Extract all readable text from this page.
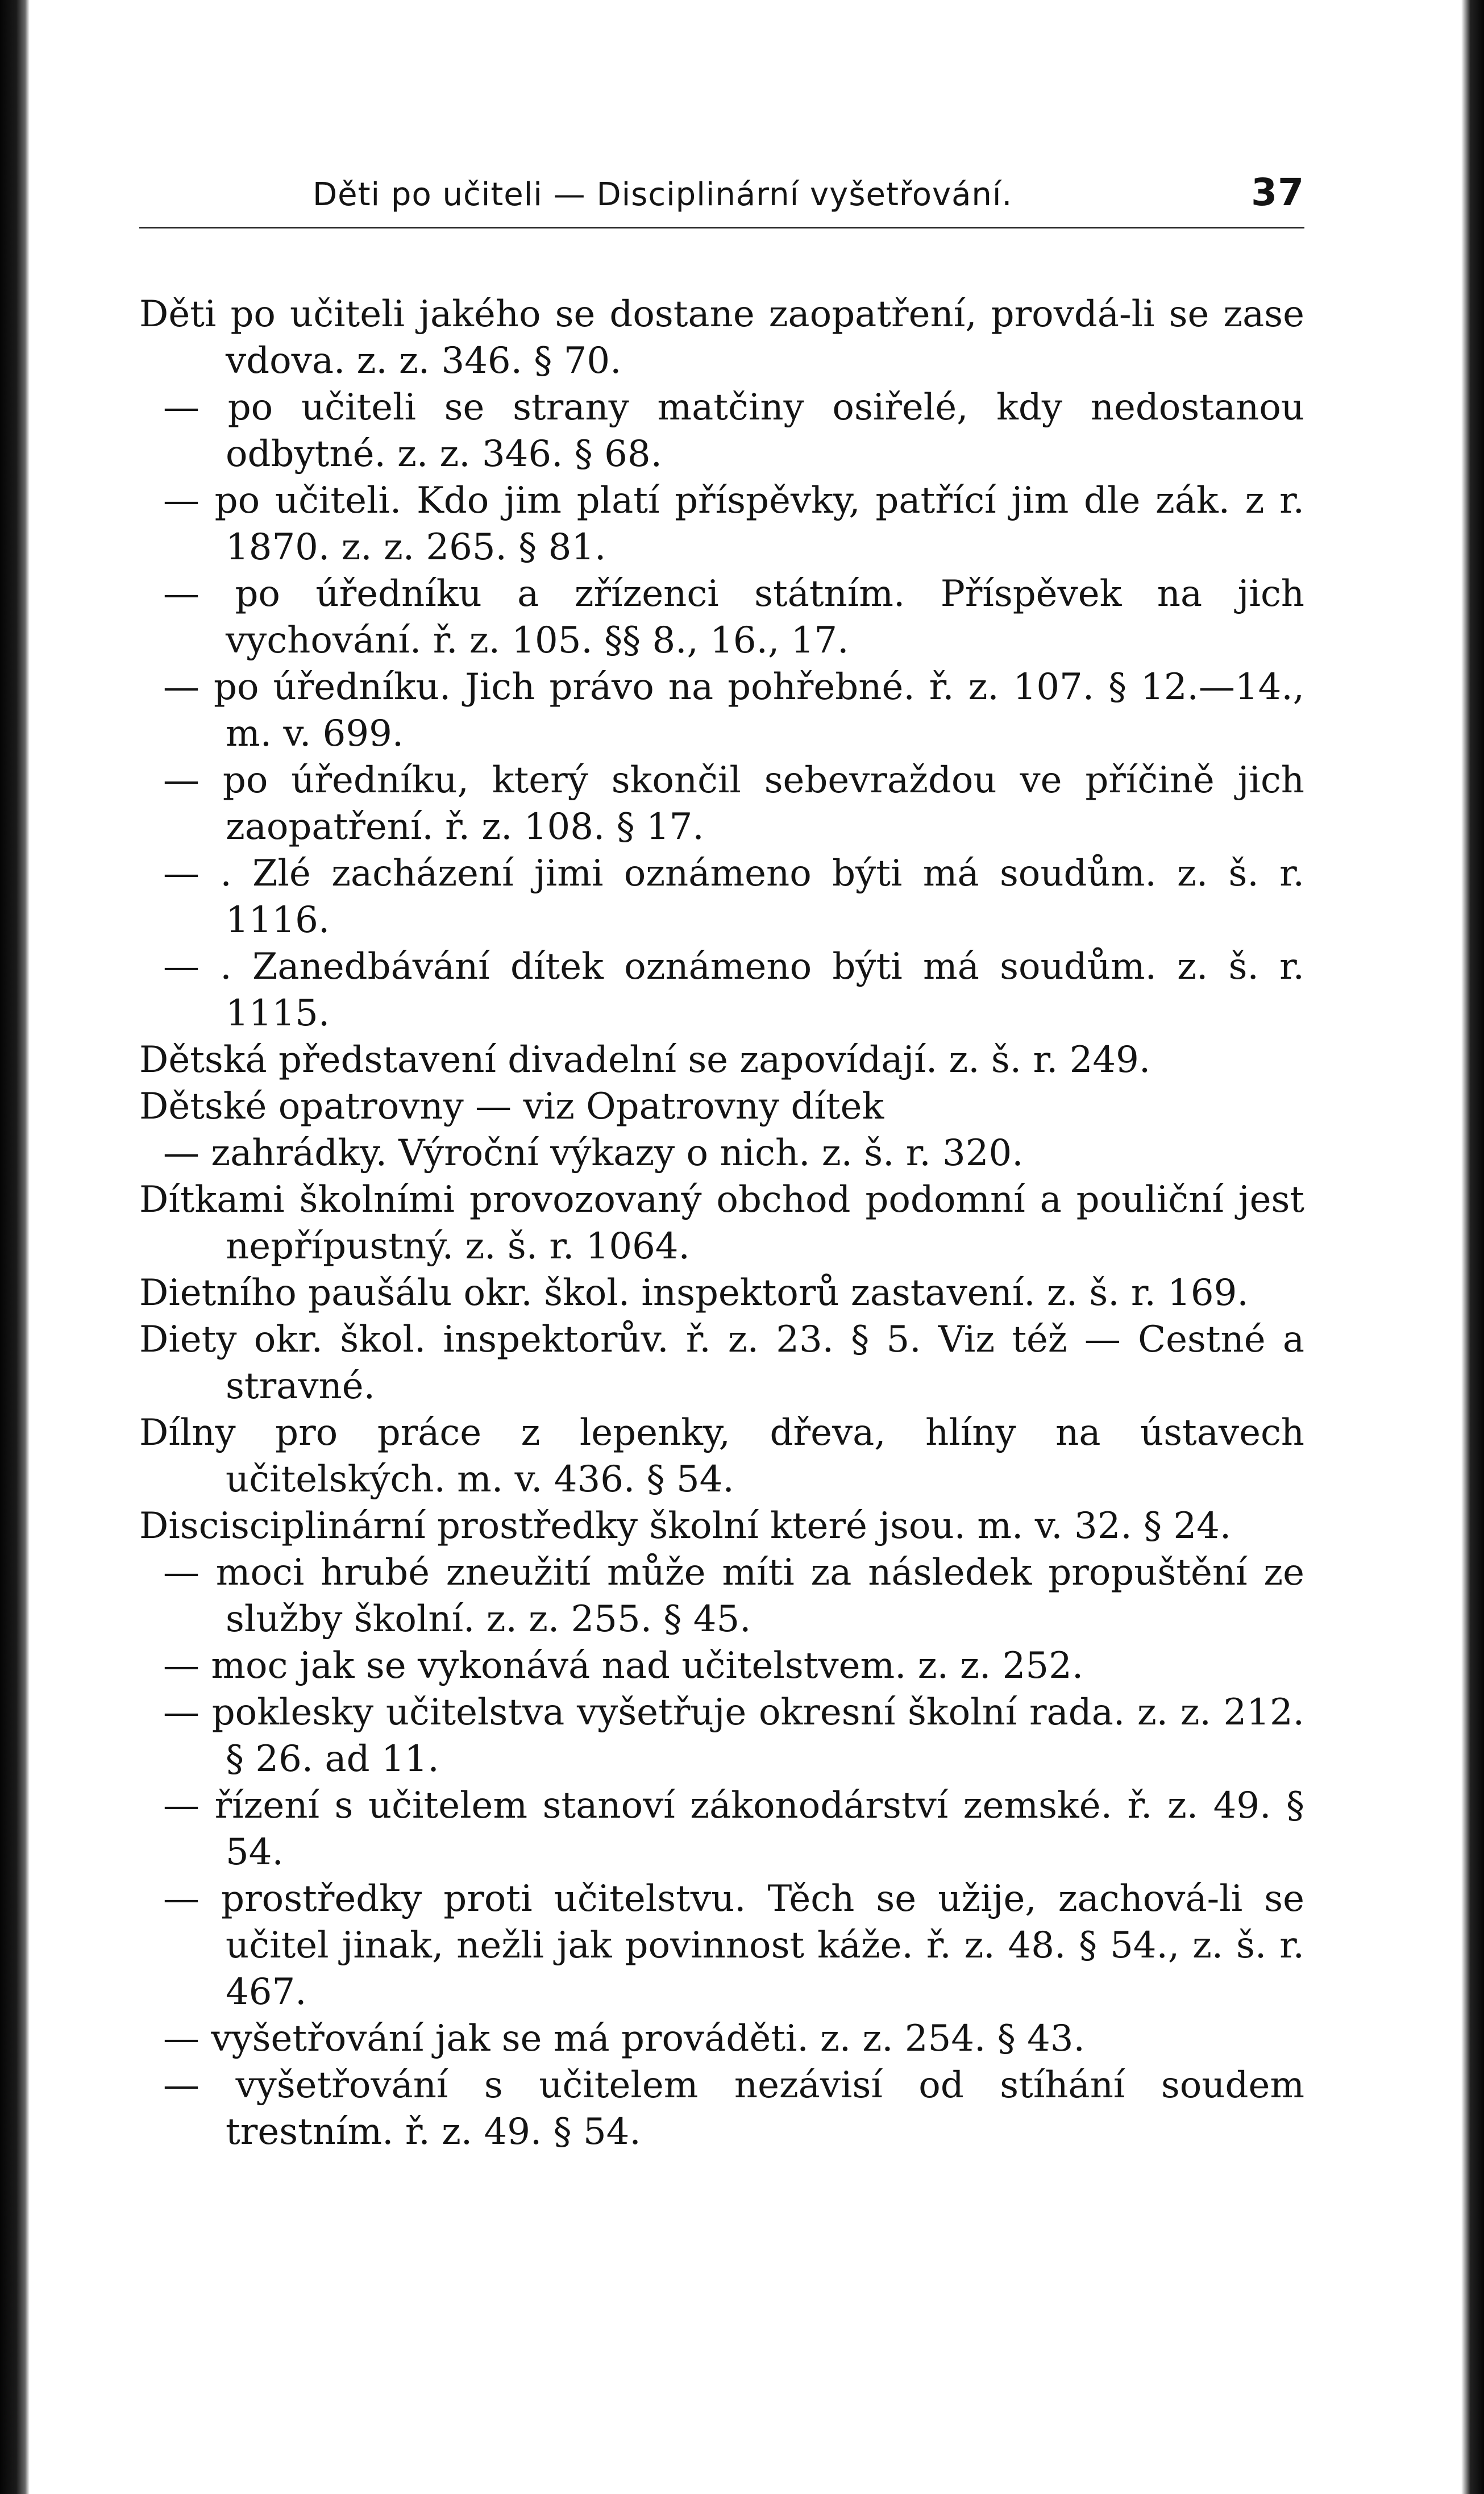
Děti po učiteli — Disciplinární vyšetřování.	37

Děti po učiteli jakého se dostane zaopatření, provdá-li se zase vdova. z. z. 346. § 70.

— po učiteli se strany matčiny osiřelé, kdy nedostanou odbytné. z. z. 346. § 68.

— po učiteli. Kdo jim platí příspěvky, patřící jim dle zák. z r. 1870. z. z. 265. § 81.

— po úředníku a zřízenci státním. Příspěvek na jich vychování. ř. z. 105. §§ 8., 16., 17.

— po úředníku. Jich právo na pohřebné. ř. z. 107. § 12.—14., m. v. 699.

— po úředníku, který skončil sebevraždou ve příčině jich zaopatření. ř. z. 108. § 17.

— . Zlé zacházení jimi oznámeno býti má soudům. z. š. r. 1116.

— . Zanedbávání dítek oznámeno býti má soudům. z. š. r. 1115.

Dětská představení divadelní se zapovídají. z. š. r. 249.

Dětské opatrovny — viz Opatrovny dítek

— zahrádky. Výroční výkazy o nich. z. š. r. 320.

Dítkami školními provozovaný obchod podomní a pouliční jest nepřípustný. z. š. r. 1064.

Dietního paušálu okr. škol. inspektorů zastavení. z. š. r. 169.

Diety okr. škol. inspektorův. ř. z. 23. § 5. Viz též — Cestné a stravné.

Dílny pro práce z lepenky, dřeva, hlíny na ústavech učitelských. m. v. 436. § 54.

Discisciplinární prostředky školní které jsou. m. v. 32. § 24.

— moci hrubé zneužití může míti za následek propuštění ze služby školní. z. z. 255. § 45.

— moc jak se vykonává nad učitelstvem. z. z. 252.

— poklesky učitelstva vyšetřuje okresní školní rada. z. z. 212. § 26. ad 11.

— řízení s učitelem stanoví zákonodárství zemské. ř. z. 49. § 54.

— prostředky proti učitelstvu. Těch se užije, zachová-li se učitel jinak, nežli jak povinnost káže. ř. z. 48. § 54., z. š. r. 467.

— vyšetřování jak se má prováděti. z. z. 254. § 43.

— vyšetřování s učitelem nezávisí od stíhání soudem trestním. ř. z. 49. § 54.
